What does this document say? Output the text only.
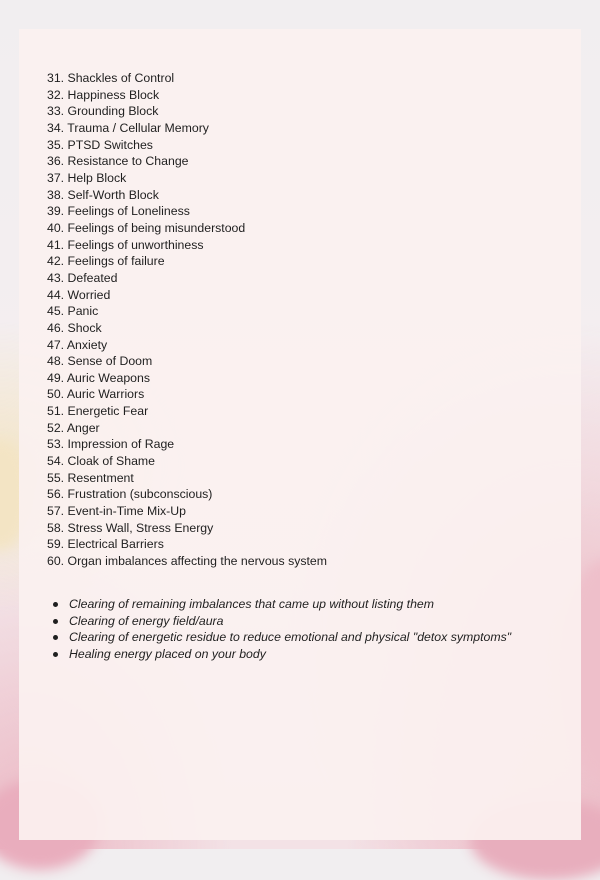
31. Shackles of Control
32. Happiness Block
33. Grounding Block
34. Trauma / Cellular Memory
35. PTSD Switches
36. Resistance to Change
37. Help Block
38. Self-Worth Block
39. Feelings of Loneliness
40. Feelings of being misunderstood
41. Feelings of unworthiness
42. Feelings of failure
43. Defeated
44. Worried
45. Panic
46. Shock
47. Anxiety
48. Sense of Doom
49. Auric Weapons
50. Auric Warriors
51. Energetic Fear
52. Anger
53. Impression of Rage
54. Cloak of Shame
55. Resentment
56. Frustration (subconscious)
57. Event-in-Time Mix-Up
58. Stress Wall, Stress Energy
59. Electrical Barriers
60. Organ imbalances affecting the nervous system
Clearing of remaining imbalances that came up without listing them
Clearing of energy field/aura
Clearing of energetic residue to reduce emotional and physical "detox symptoms"
Healing energy placed on your body
